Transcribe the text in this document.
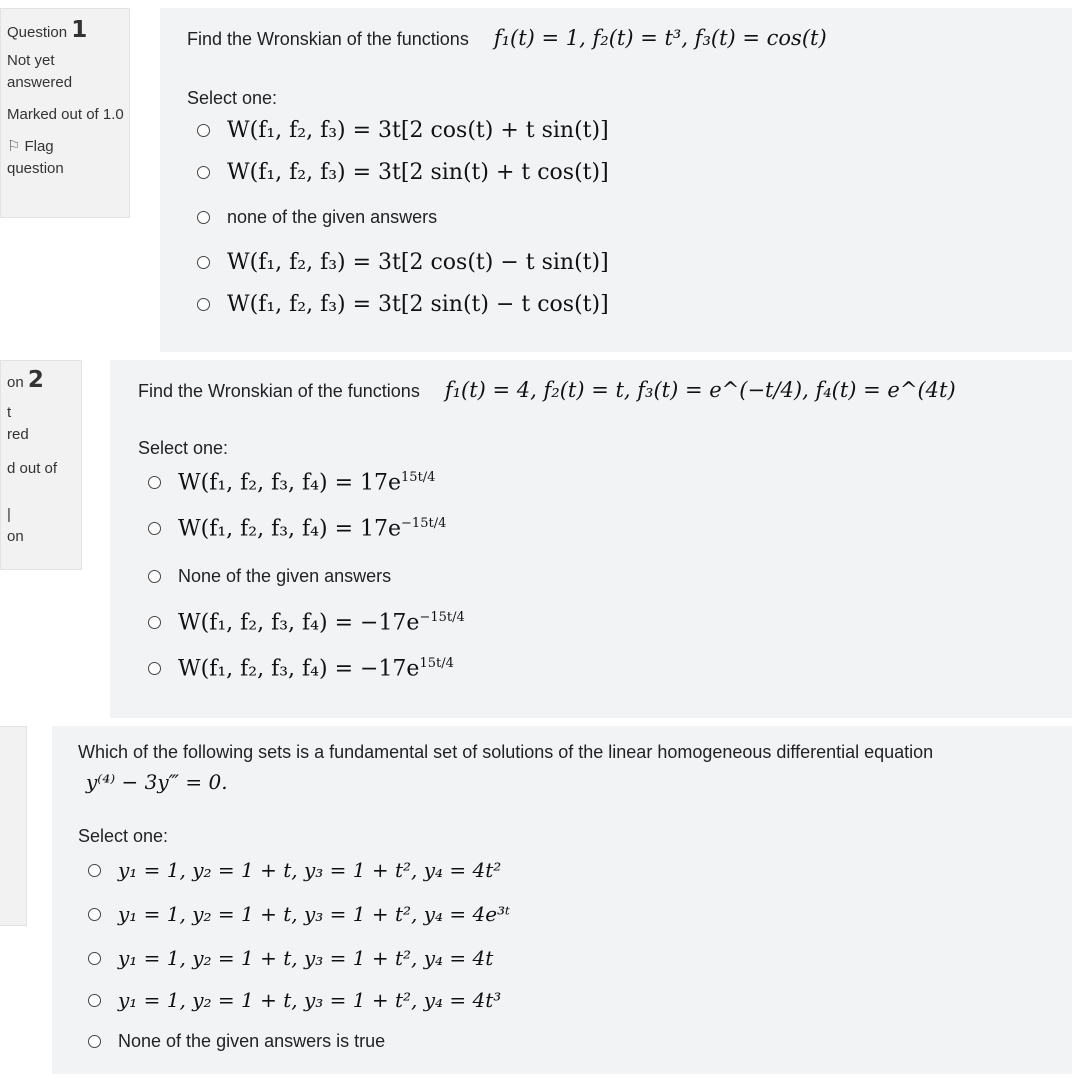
Question 1
Not yet answered
Marked out of 1.0
⚐ Flag question
Find the Wronskian of the functions f₁(t) = 1, f₂(t) = t³, f₃(t) = cos(t)
Select one:
W(f₁, f₂, f₃) = 3t[2 cos(t) + t sin(t)]
W(f₁, f₂, f₃) = 3t[2 sin(t) + t cos(t)]
none of the given answers
W(f₁, f₂, f₃) = 3t[2 cos(t) − t sin(t)]
W(f₁, f₂, f₃) = 3t[2 sin(t) − t cos(t)]
on 2
t
red
d out of
|
on
Find the Wronskian of the functions f₁(t) = 4, f₂(t) = t, f₃(t) = e^(−t/4), f₄(t) = e^(4t)
Select one:
W(f₁, f₂, f₃, $f_4) = 17e^{15t/4}$
W(f₁, f₂, f₃, $f_4) = 17e^{-15t/4}$
None of the given answers
W(f₁, f₂, f₃, $f_4) = -17e^{-15t/4}$
W(f₁, f₂, f₃, $f_4) = -17e^{15t/4}$
Which of the following sets is a fundamental set of solutions of the linear homogeneous differential equation
y⁽⁴⁾ − 3y‴ = 0.
Select one:
y₁ = 1, y₂ = 1 + t, y₃ = 1 + t², y₄ = 4t²
y₁ = 1, y₂ = 1 + t, y₃ = 1 + t², y₄ = 4e³ᵗ
y₁ = 1, y₂ = 1 + t, y₃ = 1 + t², y₄ = 4t
y₁ = 1, y₂ = 1 + t, y₃ = 1 + t², y₄ = 4t³
None of the given answers is true
